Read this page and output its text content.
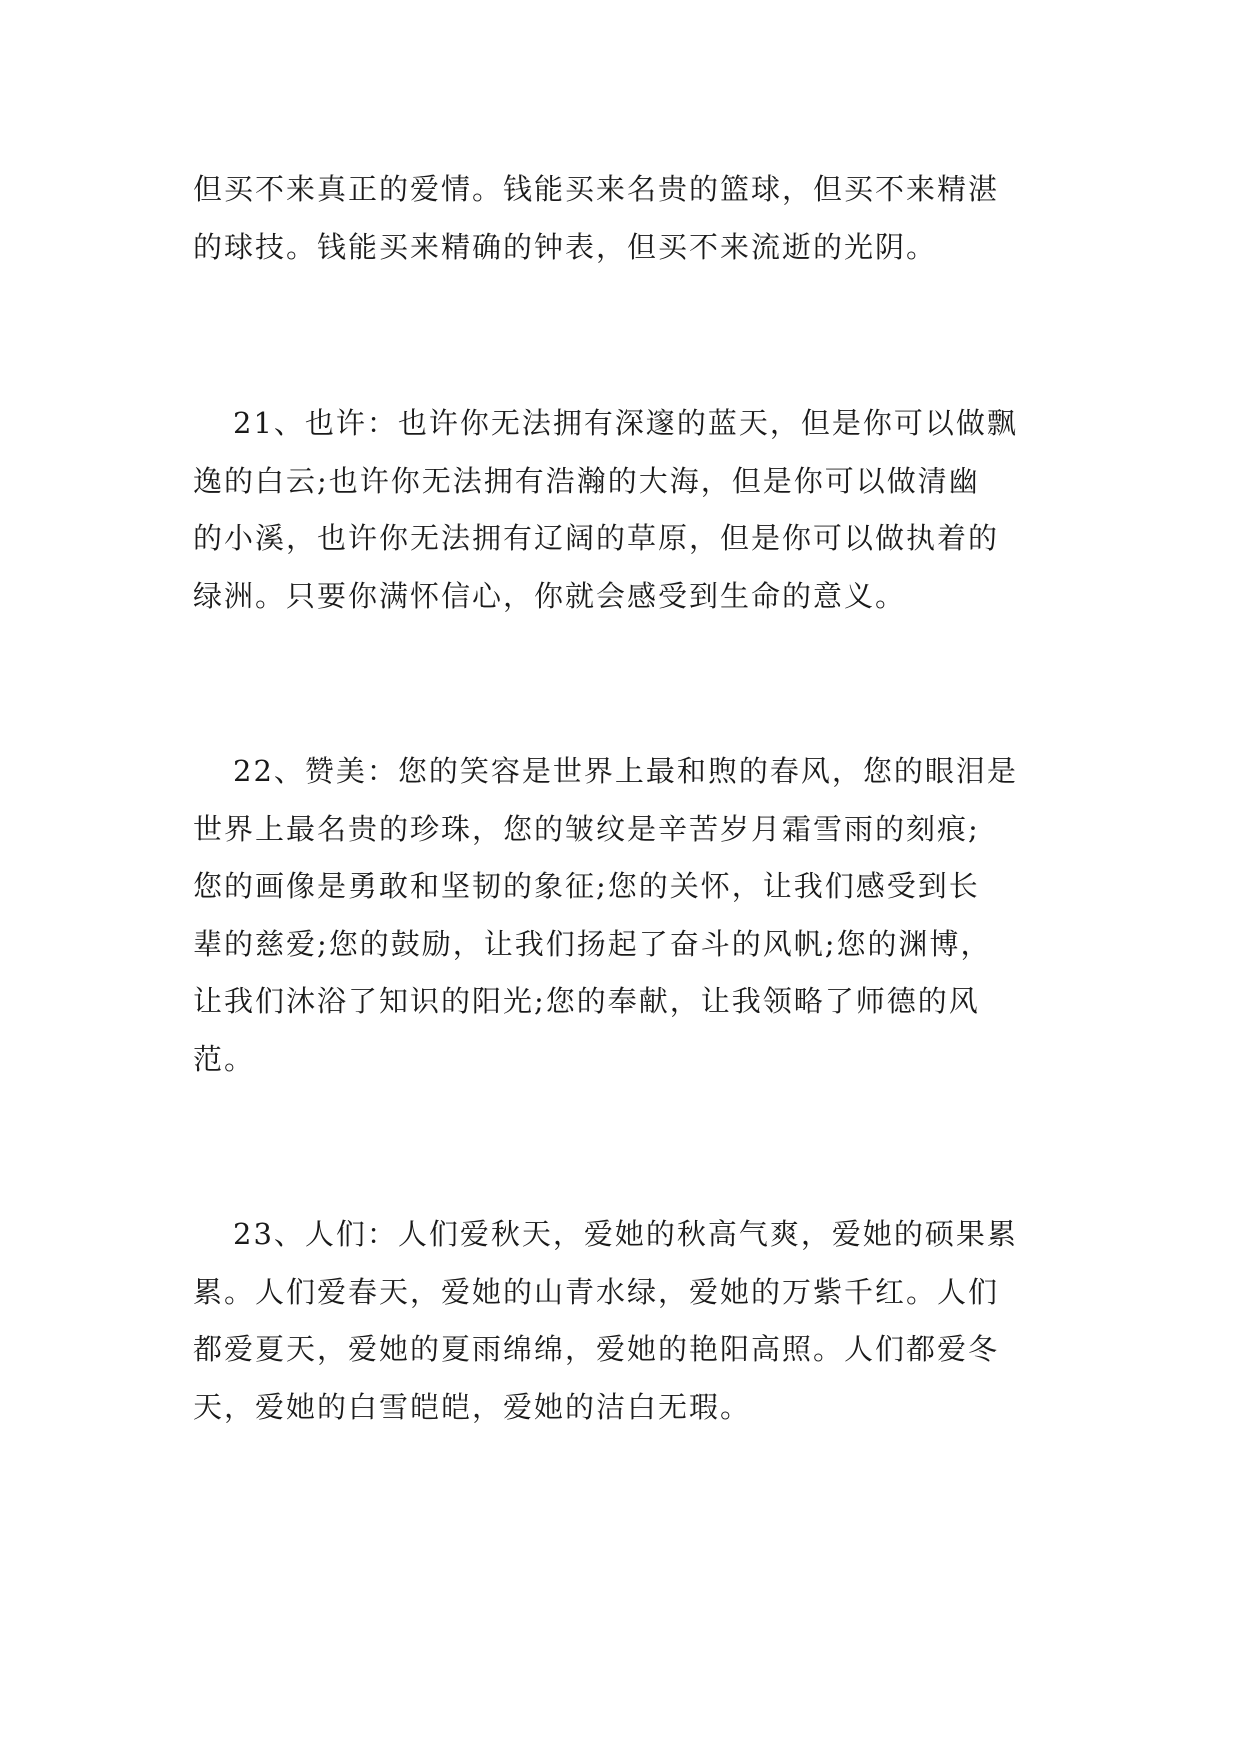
但买不来真正的爱情。钱能买来名贵的篮球，但买不来精湛
的球技。钱能买来精确的钟表，但买不来流逝的光阴。
21、也许：也许你无法拥有深邃的蓝天，但是你可以做飘
逸的白云;也许你无法拥有浩瀚的大海，但是你可以做清幽
的小溪，也许你无法拥有辽阔的草原，但是你可以做执着的
绿洲。只要你满怀信心，你就会感受到生命的意义。
22、赞美：您的笑容是世界上最和煦的春风，您的眼泪是
世界上最名贵的珍珠，您的皱纹是辛苦岁月霜雪雨的刻痕;
您的画像是勇敢和坚韧的象征;您的关怀，让我们感受到长
辈的慈爱;您的鼓励，让我们扬起了奋斗的风帆;您的渊博，
让我们沐浴了知识的阳光;您的奉献，让我领略了师德的风
范。
23、人们：人们爱秋天，爱她的秋高气爽，爱她的硕果累
累。人们爱春天，爱她的山青水绿，爱她的万紫千红。人们
都爱夏天，爱她的夏雨绵绵，爱她的艳阳高照。人们都爱冬
天，爱她的白雪皑皑，爱她的洁白无瑕。
